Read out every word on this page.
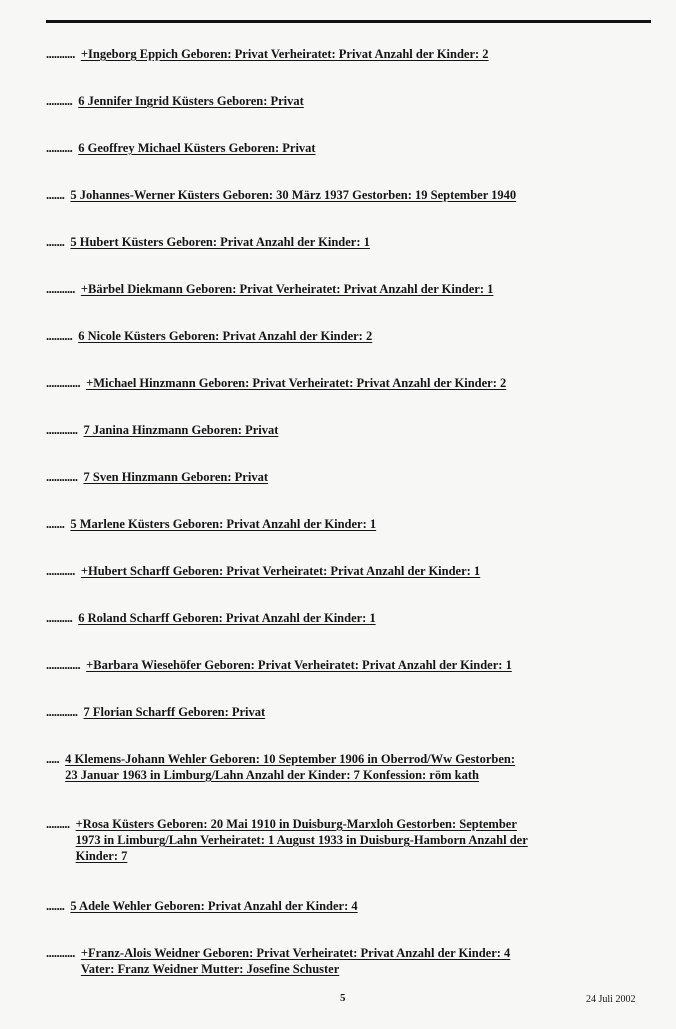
........... +Ingeborg Eppich Geboren: Privat Verheiratet: Privat Anzahl der Kinder: 2
.......... 6 Jennifer Ingrid Küsters Geboren: Privat
.......... 6 Geoffrey Michael Küsters Geboren: Privat
....... 5 Johannes-Werner Küsters Geboren: 30 März 1937 Gestorben: 19 September 1940
....... 5 Hubert Küsters Geboren: Privat Anzahl der Kinder: 1
........... +Bärbel Diekmann Geboren: Privat Verheiratet: Privat Anzahl der Kinder: 1
.......... 6 Nicole Küsters Geboren: Privat Anzahl der Kinder: 2
............. +Michael Hinzmann Geboren: Privat Verheiratet: Privat Anzahl der Kinder: 2
............ 7 Janina Hinzmann Geboren: Privat
............ 7 Sven Hinzmann Geboren: Privat
....... 5 Marlene Küsters Geboren: Privat Anzahl der Kinder: 1
........... +Hubert Scharff Geboren: Privat Verheiratet: Privat Anzahl der Kinder: 1
.......... 6 Roland Scharff Geboren: Privat Anzahl der Kinder: 1
............. +Barbara Wiesehöfer Geboren: Privat Verheiratet: Privat Anzahl der Kinder: 1
............ 7 Florian Scharff Geboren: Privat
..... 4 Klemens-Johann Wehler Geboren: 10 September 1906 in Oberrod/Ww Gestorben:
23 Januar 1963 in Limburg/Lahn Anzahl der Kinder: 7 Konfession: röm kath
......... +Rosa Küsters Geboren: 20 Mai 1910 in Duisburg-Marxloh Gestorben: September
1973 in Limburg/Lahn Verheiratet: 1 August 1933 in Duisburg-Hamborn Anzahl der
Kinder: 7
....... 5 Adele Wehler Geboren: Privat Anzahl der Kinder: 4
........... +Franz-Alois Weidner Geboren: Privat Verheiratet: Privat Anzahl der Kinder: 4
Vater: Franz Weidner Mutter: Josefine Schuster
5	24 Juli 2002
